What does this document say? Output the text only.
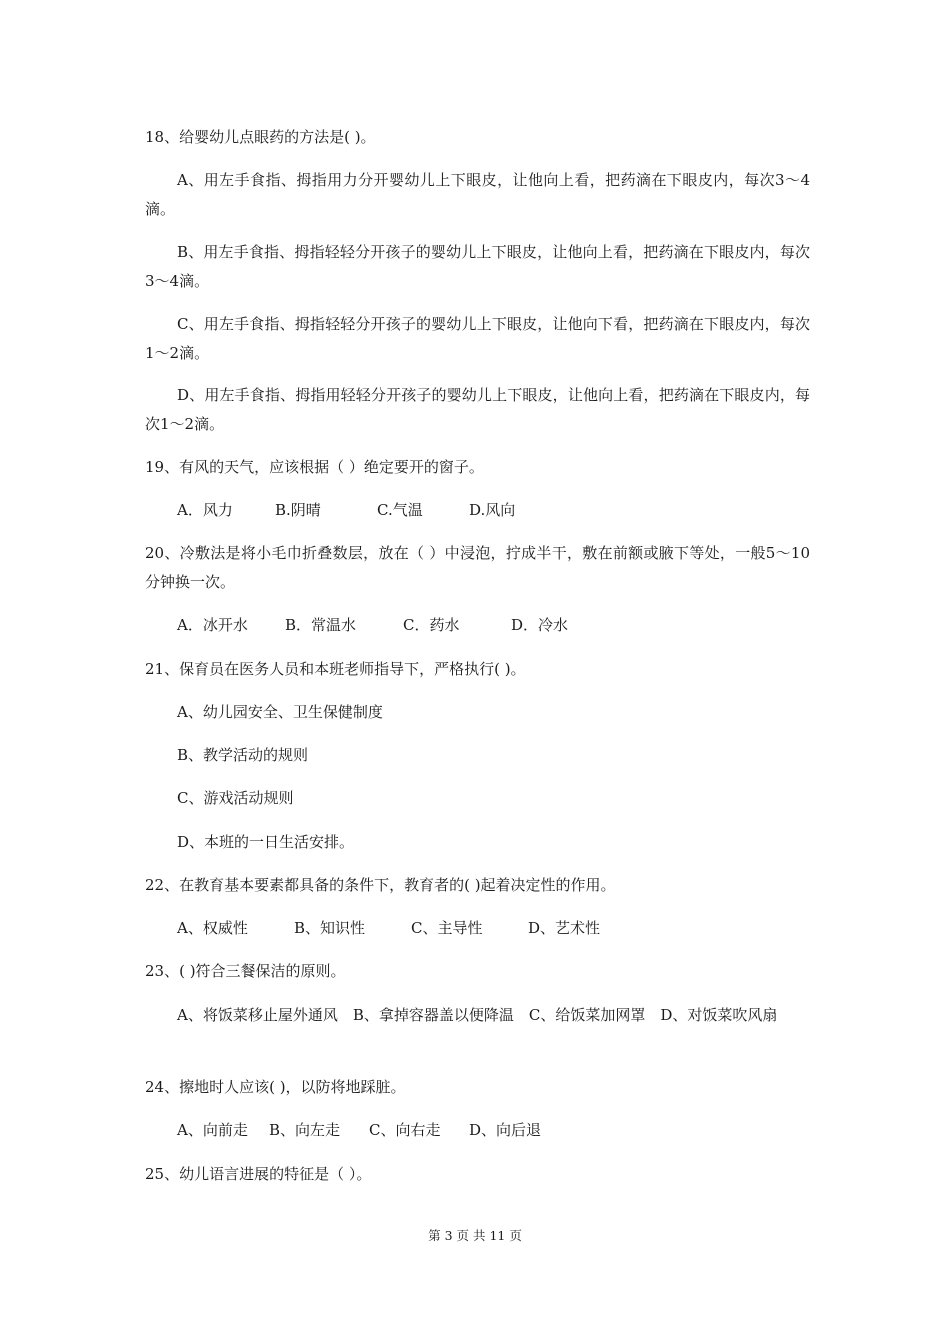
18、给婴幼儿点眼药的方法是( )。
A、用左手食指、拇指用力分开婴幼儿上下眼皮，让他向上看，把药滴在下眼皮内，每次3～4滴。
B、用左手食指、拇指轻轻分开孩子的婴幼儿上下眼皮，让他向上看，把药滴在下眼皮内，每次3～4滴。
C、用左手食指、拇指轻轻分开孩子的婴幼儿上下眼皮，让他向下看，把药滴在下眼皮内，每次1～2滴。
D、用左手食指、拇指用轻轻分开孩子的婴幼儿上下眼皮，让他向上看，把药滴在下眼皮内，每次1～2滴。
19、有风的天气，应该根据（ ）绝定要开的窗子。
A．风力	B.阴晴	C.气温	D.风向
20、冷敷法是将小毛巾折叠数层，放在（ ）中浸泡，拧成半干，敷在前额或腋下等处，一般5～10分钟换一次。
A．冰开水	B．常温水	C．药水	D．冷水
21、保育员在医务人员和本班老师指导下，严格执行( )。
A、幼儿园安全、卫生保健制度
B、教学活动的规则
C、游戏活动规则
D、本班的一日生活安排。
22、在教育基本要素都具备的条件下，教育者的( )起着决定性的作用。
A、权威性	B、知识性	C、主导性	D、艺术性
23、( )符合三餐保洁的原则。
A、将饭菜移止屋外通风　B、拿掉容器盖以便降温　C、给饭菜加网罩　D、对饭菜吹风扇
24、擦地时人应该( )，以防将地踩脏。
A、向前走	B、向左走	C、向右走	D、向后退
25、幼儿语言进展的特征是（ ）。
第 3 页 共 11 页
